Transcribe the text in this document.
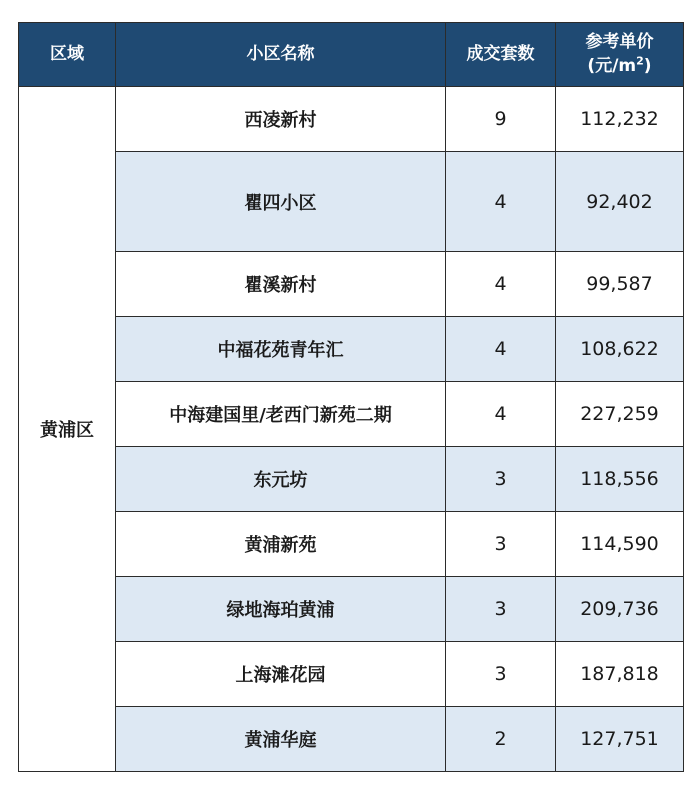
区域	小区名称	成交套数	参考单价
(元$/m^2$)

黄浦区	西凌新村	9	112,232
	瞿四小区	4	92,402
	瞿溪新村	4	99,587
	中福花苑青年汇	4	108,622
	中海建国里/老西门新苑二期	4	227,259
	东元坊	3	118,556
	黄浦新苑	3	114,590
	绿地海珀黄浦	3	209,736
	上海滩花园	3	187,818
	黄浦华庭	2	127,751
